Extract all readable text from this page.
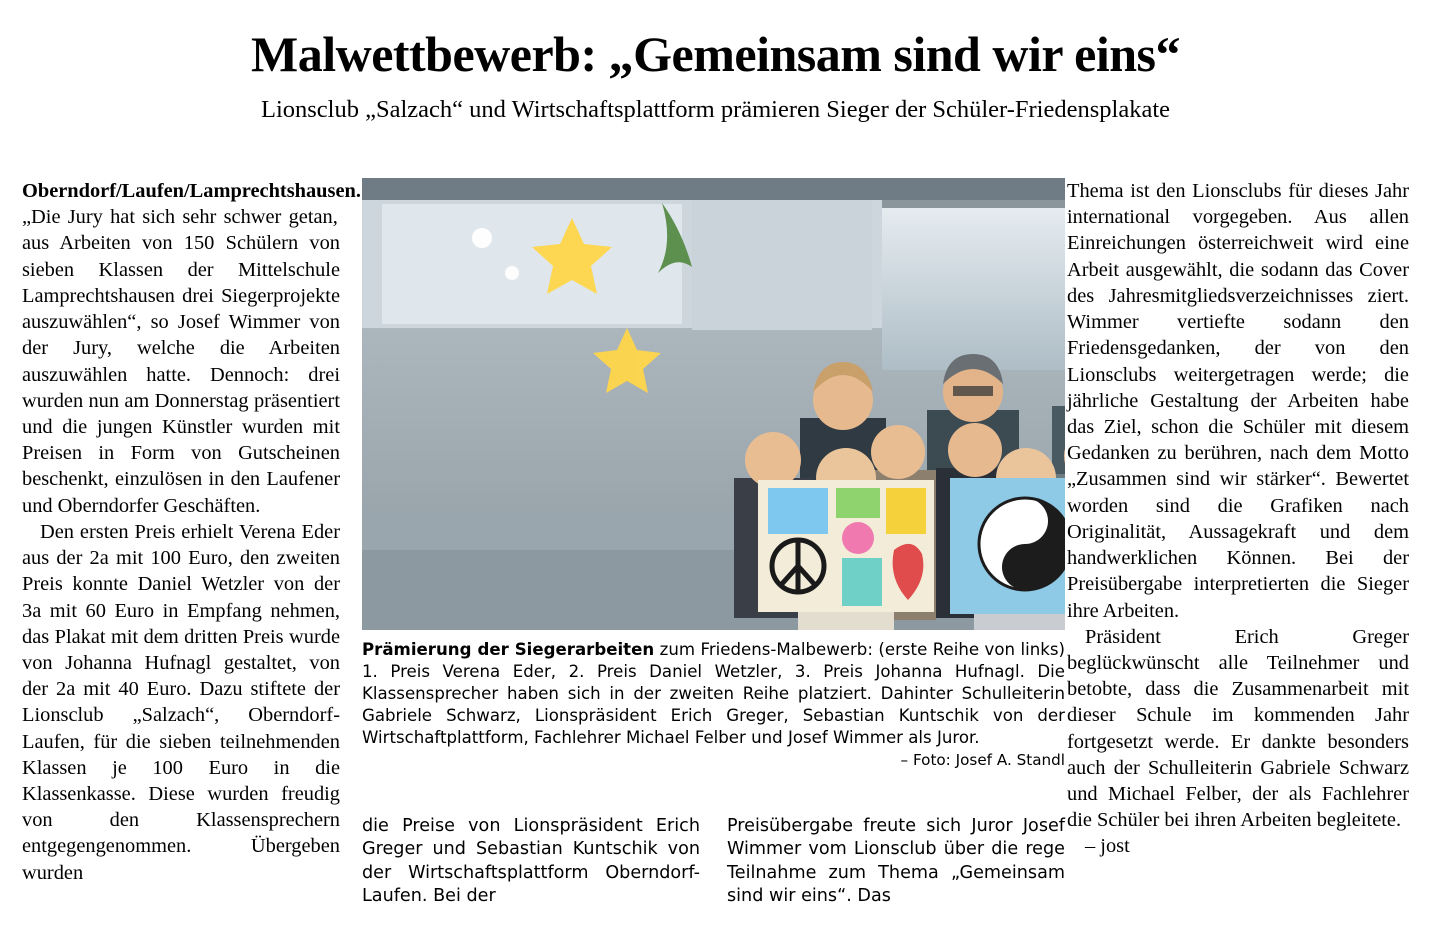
Malwettbewerb: „Gemeinsam sind wir eins“
Lionsclub „Salzach“ und Wirtschaftsplattform prämieren Sieger der Schüler-Friedensplakate

Oberndorf/Laufen/Lamprechtshausen. „Die Jury hat sich sehr schwer getan, aus Arbeiten von 150 Schülern von sieben Klassen der Mittelschule Lamprechtshausen drei Siegerprojekte auszuwählen“, so Josef Wimmer von der Jury, welche die Arbeiten auszuwählen hatte. Dennoch: drei wurden nun am Donnerstag präsentiert und die jungen Künstler wurden mit Preisen in Form von Gutscheinen beschenkt, einzulösen in den Laufener und Oberndorfer Geschäften.

Den ersten Preis erhielt Verena Eder aus der 2a mit 100 Euro, den zweiten Preis konnte Daniel Wetzler von der 3a mit 60 Euro in Empfang nehmen, das Plakat mit dem dritten Preis wurde von Johanna Hufnagl gestaltet, von der 2a mit 40 Euro. Dazu stiftete der Lionsclub „Salzach“, Oberndorf-Laufen, für die sieben teilnehmenden Klassen je 100 Euro in die Klassenkasse. Diese wurden freudig von den Klassensprechern entgegengenommen. Übergeben wurden

Prämierung der Siegerarbeiten zum Friedens-Malbewerb: (erste Reihe von links) 1. Preis Verena Eder, 2. Preis Daniel Wetzler, 3. Preis Johanna Hufnagl. Die Klassensprecher haben sich in der zweiten Reihe platziert. Dahinter Schulleiterin Gabriele Schwarz, Lionspräsident Erich Greger, Sebastian Kuntschik von der Wirtschaftplattform, Fachlehrer Michael Felber und Josef Wimmer als Juror.
– Foto: Josef A. Standl

die Preise von Lionspräsident Erich Greger und Sebastian Kuntschik von der Wirtschaftsplattform Oberndorf-Laufen. Bei der

Preisübergabe freute sich Juror Josef Wimmer vom Lionsclub über die rege Teilnahme zum Thema „Gemeinsam sind wir eins“. Das

Thema ist den Lionsclubs für dieses Jahr international vorgegeben. Aus allen Einreichungen österreichweit wird eine Arbeit ausgewählt, die sodann das Cover des Jahresmitgliedsverzeichnisses ziert. Wimmer vertiefte sodann den Friedensgedanken, der von den Lionsclubs weitergetragen werde; die jährliche Gestaltung der Arbeiten habe das Ziel, schon die Schüler mit diesem Gedanken zu berühren, nach dem Motto „Zusammen sind wir stärker“. Bewertet worden sind die Grafiken nach Originalität, Aussagekraft und dem handwerklichen Können. Bei der Preisübergabe interpretierten die Sieger ihre Arbeiten.

Präsident Erich Greger beglückwünscht alle Teilnehmer und betobte, dass die Zusammenarbeit mit dieser Schule im kommenden Jahr fortgesetzt werde. Er dankte besonders auch der Schulleiterin Gabriele Schwarz und Michael Felber, der als Fachlehrer die Schüler bei ihren Arbeiten begleitete.

– jost
